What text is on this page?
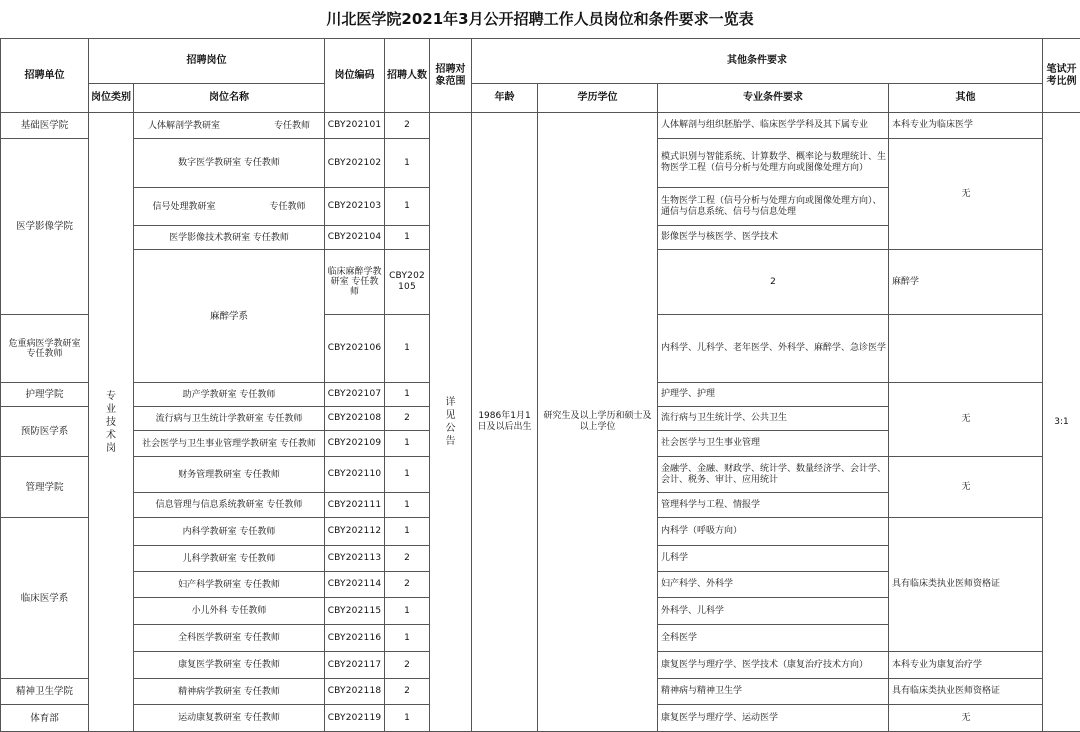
川北医学院2021年3月公开招聘工作人员岗位和条件要求一览表
招聘单位	招聘岗位		岗位编码	招聘人数	招聘对象范围	其他条件要求				笔试开考比例	
	岗位类别	岗位名称				年龄	学历学位	专业条件要求	其他		
基础医学院	专业技术岗	人体解剖学教研室　　　　　　专任教师	CBY202101	2	详见公告	1986年1月1日及以后出生	研究生及以上学历和硕士及以上学位	人体解剖与组织胚胎学、临床医学学科及其下属专业	本科专业为临床医学	3:1	
医学影像学院		数字医学教研室 专任教师	CBY202102	1				模式识别与智能系统、计算数学、概率论与数理统计、生物医学工程（信号分析与处理方向或图像处理方向）	无		
		信号处理教研室　　　　　　专任教师	CBY202103	1				生物医学工程（信号分析与处理方向或图像处理方向）、通信与信息系统、信号与信息处理			
		医学影像技术教研室 专任教师	CBY202104	1				影像医学与核医学、医学技术			
		麻醉学系	临床麻醉学教研室 专任教师	CBY202105				2	麻醉学	
危重病医学教研室 专任教师			CBY202106	1				内科学、儿科学、老年医学、外科学、麻醉学、急诊医学			
护理学院		助产学教研室 专任教师	CBY202107	1				护理学、护理	无		
预防医学系		流行病与卫生统计学教研室 专任教师	CBY202108	2				流行病与卫生统计学、公共卫生			
		社会医学与卫生事业管理学教研室 专任教师	CBY202109	1				社会医学与卫生事业管理			
管理学院		财务管理教研室 专任教师	CBY202110	1				金融学、金融、财政学、统计学、数量经济学、会计学、会计、税务、审计、应用统计	无		
		信息管理与信息系统教研室 专任教师	CBY202111	1				管理科学与工程、情报学			
临床医学系		内科学教研室 专任教师	CBY202112	1				内科学（呼吸方向）	具有临床类执业医师资格证		
		儿科学教研室 专任教师	CBY202113	2				儿科学			
		妇产科学教研室 专任教师	CBY202114	2				妇产科学、外科学			
		小儿外科 专任教师	CBY202115	1				外科学、儿科学			
		全科医学教研室 专任教师	CBY202116	1				全科医学			
		康复医学教研室 专任教师	CBY202117	2				康复医学与理疗学、医学技术（康复治疗技术方向）	本科专业为康复治疗学		
精神卫生学院		精神病学教研室 专任教师	CBY202118	2				精神病与精神卫生学	具有临床类执业医师资格证		
体育部		运动康复教研室 专任教师	CBY202119	1				康复医学与理疗学、运动医学	无		
